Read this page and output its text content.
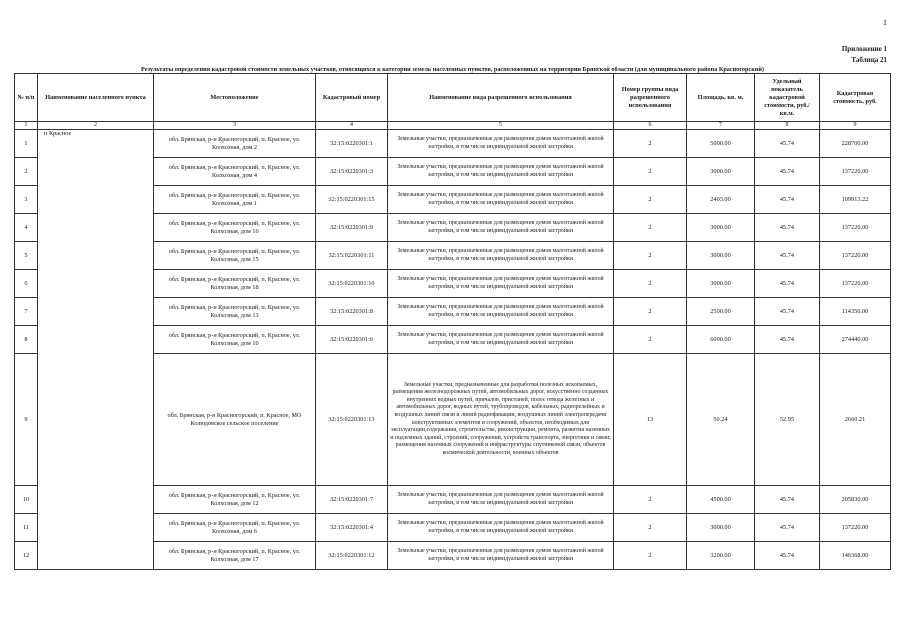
1
Приложение 1
Таблица 21
Результаты определения кадастровой стоимости земельных участков, относящихся к категории земель населенных пунктов, расположенных на территории Брянской области (для муниципального района Красногорский)
№ п/п	Наименование населенного пункта	Местоположение	Кадастровый номер	Наименование вида разрешенного использования	Номер группы вида разрешенного использования	Площадь, кв. м.	Удельный показатель кадастровой стоимости, руб./кв.м.	Кадастровая стоимость, руб.
1	2	3	4	5	6	7	8	9
1	п Красное	обл. Брянская, р-н Красногорский, п. Красное, ул. Колхозная, дом 2	32:15:0220301:1	Земельные участки, предназначенные для размещения домов малоэтажной жилой застройки, в том числе индивидуальной жилой застройки	2	5000.00	45.74	228700.00
2		обл. Брянская, р-н Красногорский, п. Красное, ул. Колхозная, дом 4	32:15:0220301:3	Земельные участки, предназначенные для размещения домов малоэтажной жилой застройки, в том числе индивидуальной жилой застройки	2	3000.00	45.74	137220.00
3		обл. Брянская, р-н Красногорский, п. Красное, ул. Колхозная, дом 1	32:15:0220301:15	Земельные участки, предназначенные для размещения домов малоэтажной жилой застройки, в том числе индивидуальной жилой застройки	2	2403.00	45.74	109913.22
4		обл. Брянская, р-н Красногорский, п. Красное, ул. Колхозная, дом 16	32:15:0220301:9	Земельные участки, предназначенные для размещения домов малоэтажной жилой застройки, в том числе индивидуальной жилой застройки	2	3000.00	45.74	137220.00
5		обл. Брянская, р-н Красногорский, п. Красное, ул. Колхозная, дом 15	32:15:0220301:11	Земельные участки, предназначенные для размещения домов малоэтажной жилой застройки, в том числе индивидуальной жилой застройки	2	3000.00	45.74	137220.00
6		обл. Брянская, р-н Красногорский, п. Красное, ул. Колхозная, дом 18	32:15:0220301:10	Земельные участки, предназначенные для размещения домов малоэтажной жилой застройки, в том числе индивидуальной жилой застройки	2	3000.00	45.74	137220.00
7		обл. Брянская, р-н Красногорский, п. Красное, ул. Колхозная, дом 13	32:15:0220301:8	Земельные участки, предназначенные для размещения домов малоэтажной жилой застройки, в том числе индивидуальной жилой застройки	2	2500.00	45.74	114350.00
8		обл. Брянская, р-н Красногорский, п. Красное, ул. Колхозная, дом 10	32:15:0220301:6	Земельные участки, предназначенные для размещения домов малоэтажной жилой застройки, в том числе индивидуальной жилой застройки	2	6000.00	45.74	274440.00
9		обл. Брянская, р-н Красногорский, п. Красное, МО Колюдовское сельское поселение	32:15:0220301:13	Земельные участки, предназначенные для разработки полезных ископаемых, размещения железнодорожных путей, автомобильных дорог, искусственно созданных внутренних водных путей, причалов, пристаней, полос отвода железных и автомобильных дорог, водных путей, трубопроводов, кабельных, радиорелейных и воздушных линий связи и линий радиофикации, воздушных линий электропередачи конструктивных элементов и сооружений, объектов, необходимых для эксплуатации,содержания, строительства, реконструкции, ремонта, развития наземных и подземных зданий, строений, сооружений, устройств транспорта, энергетики и связи; размещения наземных сооружений и инфраструктуры спутниковой связи, объектов космической деятельности, военных объектов	13	50.24	52.95	2660.21
10		обл. Брянская, р-н Красногорский, п. Красное, ул. Колхозная, дом 12	32:15:0220301:7	Земельные участки, предназначенные для размещения домов малоэтажной жилой застройки, в том числе индивидуальной жилой застройки	2	4500.00	45.74	205830.00
11		обл. Брянская, р-н Красногорский, п. Красное, ул. Колхозная, дом 6	32:15:0220301:4	Земельные участки, предназначенные для размещения домов малоэтажной жилой застройки, в том числе индивидуальной жилой застройки	2	3000.00	45.74	137220.00
12		обл. Брянская, р-н Красногорский, п. Красное, ул. Колхозная, дом 17	32:15:0220301:12	Земельные участки, предназначенные для размещения домов малоэтажной жилой застройки, в том числе индивидуальной жилой застройки	2	3200.00	45.74	146368.00
